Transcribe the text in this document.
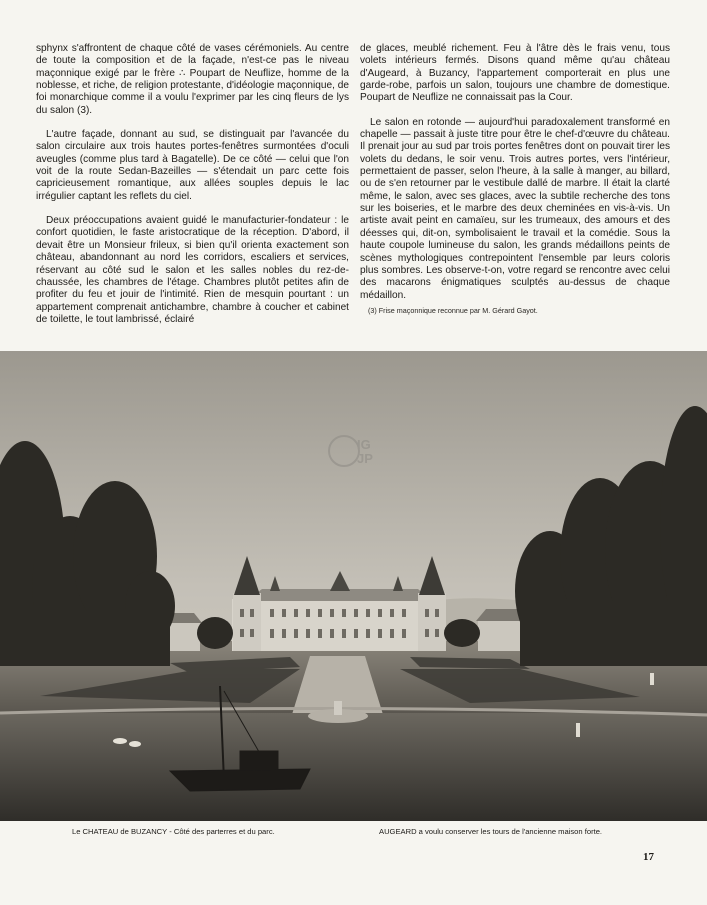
sphynx s'affrontent de chaque côté de vases cérémoniels. Au centre de toute la composition et de la façade, n'est-ce pas le niveau maçonnique exigé par le frère ∴ Poupart de Neuflize, homme de la noblesse, et riche, de religion protestante, d'idéologie maçonnique, de foi monarchique comme il a voulu l'exprimer par les cinq fleurs de lys du salon (3).

L'autre façade, donnant au sud, se distinguait par l'avancée du salon circulaire aux trois hautes portes-fenêtres surmontées d'oculi aveugles (comme plus tard à Bagatelle). De ce côté — celui que l'on voit de la route Sedan-Bazeilles — s'étendait un parc cette fois capricieusement romantique, aux allées souples depuis le lac irrégulier captant les reflets du ciel.

Deux préoccupations avaient guidé le manufacturier-fondateur : le confort quotidien, le faste aristocratique de la réception. D'abord, il devait être un Monsieur frileux, si bien qu'il orienta exactement son château, abandonnant au nord les corridors, escaliers et services, réservant au côté sud le salon et les salles nobles du rez-de-chaussée, les chambres de l'étage. Chambres plutôt petites afin de profiter du feu et jouir de l'intimité. Rien de mesquin pourtant : un appartement comprenait antichambre, chambre à coucher et cabinet de toilette, le tout lambrissé, éclairé

de glaces, meublé richement. Feu à l'âtre dès le frais venu, tous volets intérieurs fermés. Disons quand même qu'au château d'Augeard, à Buzancy, l'appartement comporterait en plus une garde-robe, parfois un salon, toujours une chambre de domestique. Poupart de Neuflize ne connaissait pas la Cour.

Le salon en rotonde — aujourd'hui paradoxalement transformé en chapelle — passait à juste titre pour être le chef-d'œuvre du château. Il prenait jour au sud par trois portes fenêtres dont on pouvait tirer les volets du dedans, le soir venu. Trois autres portes, vers l'intérieur, permettaient de passer, selon l'heure, à la salle à manger, au billard, ou de s'en retourner par le vestibule dallé de marbre. Il était la clarté même, le salon, avec ses glaces, avec la subtile recherche des tons sur les boiseries, et le marbre des deux cheminées en vis-à-vis. Un artiste avait peint en camaïeu, sur les trumeaux, des amours et des déesses qui, dit-on, symbolisaient le travail et la comédie. Sous la haute coupole lumineuse du salon, les grands médaillons peints de scènes mythologiques contrepointent l'ensemble par leurs coloris plus sombres. Les observe-t-on, votre regard se rencontre avec celui des macarons énigmatiques sculptés au-dessus de chaque médaillon.

(3) Frise maçonnique reconnue par M. Gérard Gayot.
IG
JP
Le CHATEAU de BUZANCY - Côté des parterres et du parc.	AUGEARD a voulu conserver les tours de l'ancienne maison forte.
17
